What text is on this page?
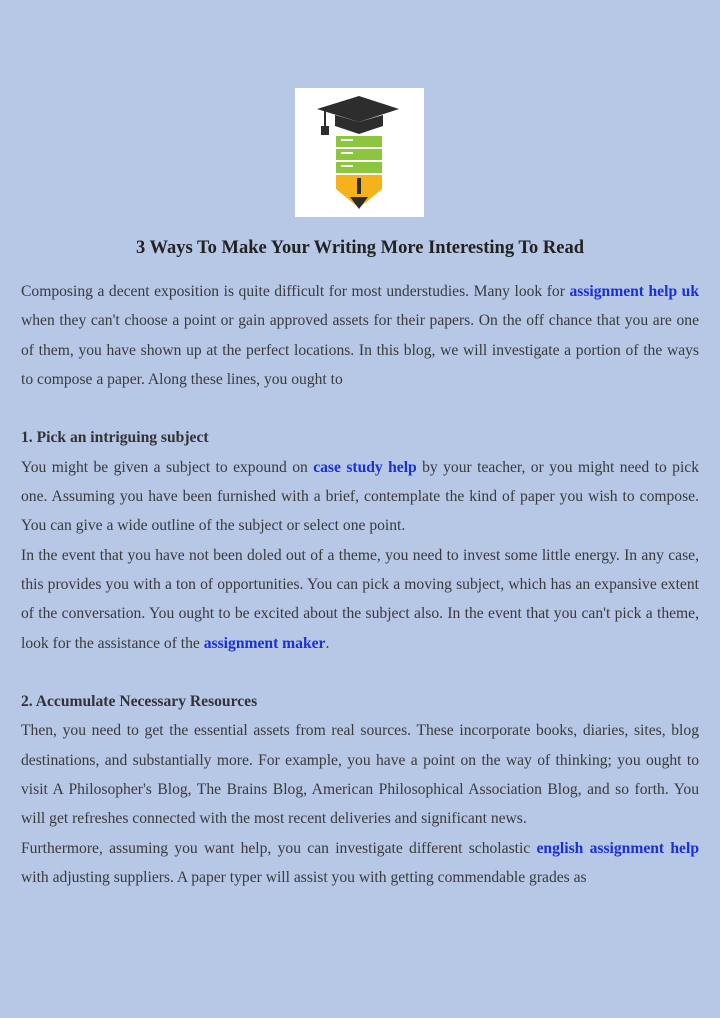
3 Ways To Make Your Writing More Interesting To Read

Composing a decent exposition is quite difficult for most understudies. Many look for assignment help uk when they can't choose a point or gain approved assets for their papers. On the off chance that you are one of them, you have shown up at the perfect locations. In this blog, we will investigate a portion of the ways to compose a paper. Along these lines, you ought to

1. Pick an intriguing subject

You might be given a subject to expound on case study help by your teacher, or you might need to pick one. Assuming you have been furnished with a brief, contemplate the kind of paper you wish to compose. You can give a wide outline of the subject or select one point.

In the event that you have not been doled out of a theme, you need to invest some little energy. In any case, this provides you with a ton of opportunities. You can pick a moving subject, which has an expansive extent of the conversation. You ought to be excited about the subject also. In the event that you can't pick a theme, look for the assistance of the assignment maker.

2. Accumulate Necessary Resources

Then, you need to get the essential assets from real sources. These incorporate books, diaries, sites, blog destinations, and substantially more. For example, you have a point on the way of thinking; you ought to visit A Philosopher's Blog, The Brains Blog, American Philosophical Association Blog, and so forth. You will get refreshes connected with the most recent deliveries and significant news.

Furthermore, assuming you want help, you can investigate different scholastic english assignment help with adjusting suppliers. A paper typer will assist you with getting commendable grades as
